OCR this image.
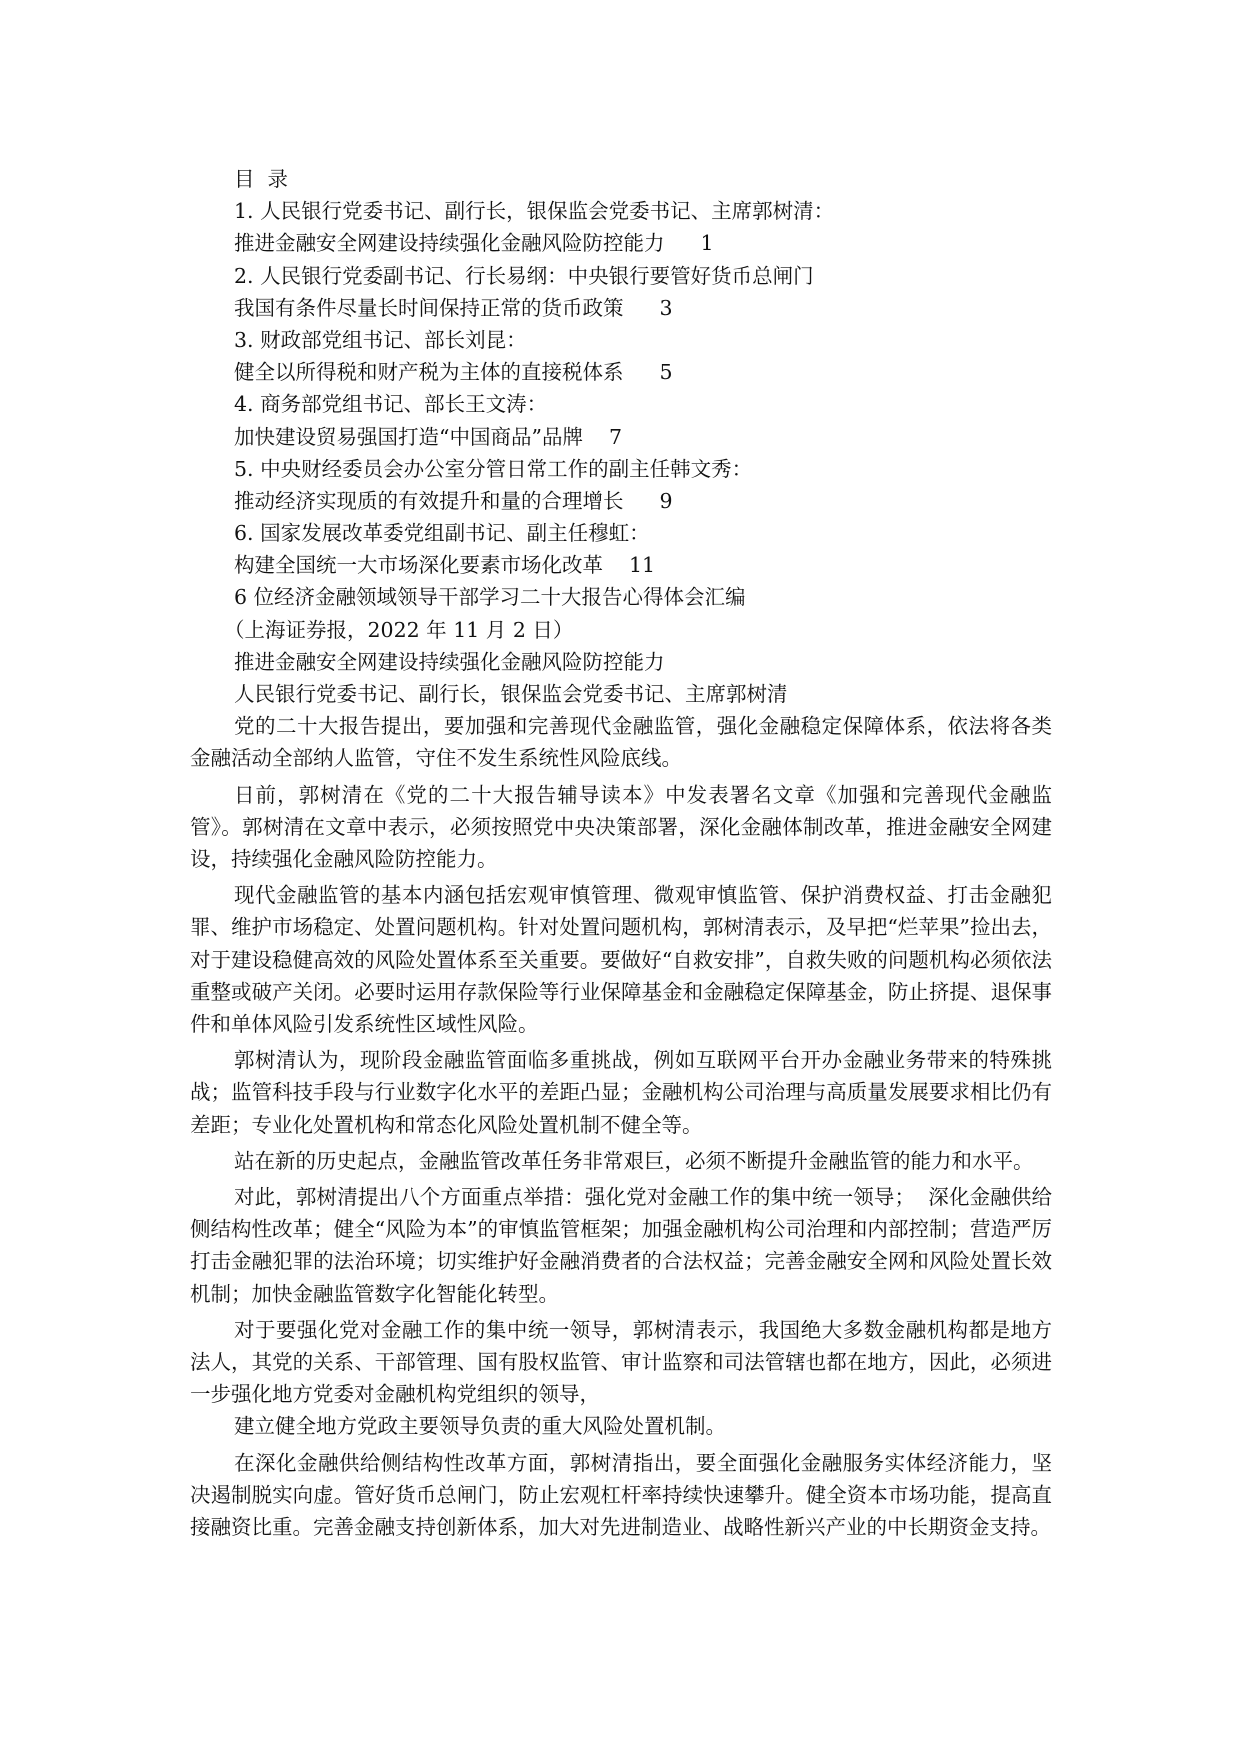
目  录
1. 人民银行党委书记、副行长，银保监会党委书记、主席郭树清：
推进金融安全网建设持续强化金融风险防控能力 1
2. 人民银行党委副书记、行长易纲：中央银行要管好货币总闸门
我国有条件尽量长时间保持正常的货币政策 3
3. 财政部党组书记、部长刘昆：
健全以所得税和财产税为主体的直接税体系 5
4. 商务部党组书记、部长王文涛：
加快建设贸易强国打造“中国商品”品牌 7
5. 中央财经委员会办公室分管日常工作的副主任韩文秀：
推动经济实现质的有效提升和量的合理增长 9
6. 国家发展改革委党组副书记、副主任穆虹：
构建全国统一大市场深化要素市场化改革 11
6 位经济金融领域领导干部学习二十大报告心得体会汇编
（上海证券报，2022 年 11 月 2 日）
推进金融安全网建设持续强化金融风险防控能力
人民银行党委书记、副行长，银保监会党委书记、主席郭树清

党的二十大报告提出，要加强和完善现代金融监管，强化金融稳定保障体系，依法将各类金融活动全部纳人监管，守住不发生系统性风险底线。

日前，郭树清在《党的二十大报告辅导读本》中发表署名文章《加强和完善现代金融监管》。郭树清在文章中表示，必须按照党中央决策部署，深化金融体制改革，推进金融安全网建设，持续强化金融风险防控能力。

现代金融监管的基本内涵包括宏观审慎管理、微观审慎监管、保护消费权益、打击金融犯罪、维护市场稳定、处置问题机构。针对处置问题机构，郭树清表示，及早把“烂苹果”捡出去，对于建设稳健高效的风险处置体系至关重要。要做好“自救安排”，自救失败的问题机构必须依法重整或破产关闭。必要时运用存款保险等行业保障基金和金融稳定保障基金，防止挤提、退保事件和单体风险引发系统性区域性风险。

郭树清认为，现阶段金融监管面临多重挑战，例如互联网平台开办金融业务带来的特殊挑战；监管科技手段与行业数字化水平的差距凸显；金融机构公司治理与高质量发展要求相比仍有差距；专业化处置机构和常态化风险处置机制不健全等。

站在新的历史起点，金融监管改革任务非常艰巨，必须不断提升金融监管的能力和水平。

对此，郭树清提出八个方面重点举措：强化党对金融工作的集中统一领导；  深化金融供给侧结构性改革；健全“风险为本”的审慎监管框架；加强金融机构公司治理和内部控制；营造严厉打击金融犯罪的法治环境；切实维护好金融消费者的合法权益；完善金融安全网和风险处置长效机制；加快金融监管数字化智能化转型。

对于要强化党对金融工作的集中统一领导，郭树清表示，我国绝大多数金融机构都是地方法人，其党的关系、干部管理、国有股权监管、审计监察和司法管辖也都在地方，因此，必须进一步强化地方党委对金融机构党组织的领导，

建立健全地方党政主要领导负责的重大风险处置机制。

在深化金融供给侧结构性改革方面，郭树清指出，要全面强化金融服务实体经济能力，坚决遏制脱实向虚。管好货币总闸门，防止宏观杠杆率持续快速攀升。健全资本市场功能，提高直接融资比重。完善金融支持创新体系，加大对先进制造业、战略性新兴产业的中长期资金支持。
